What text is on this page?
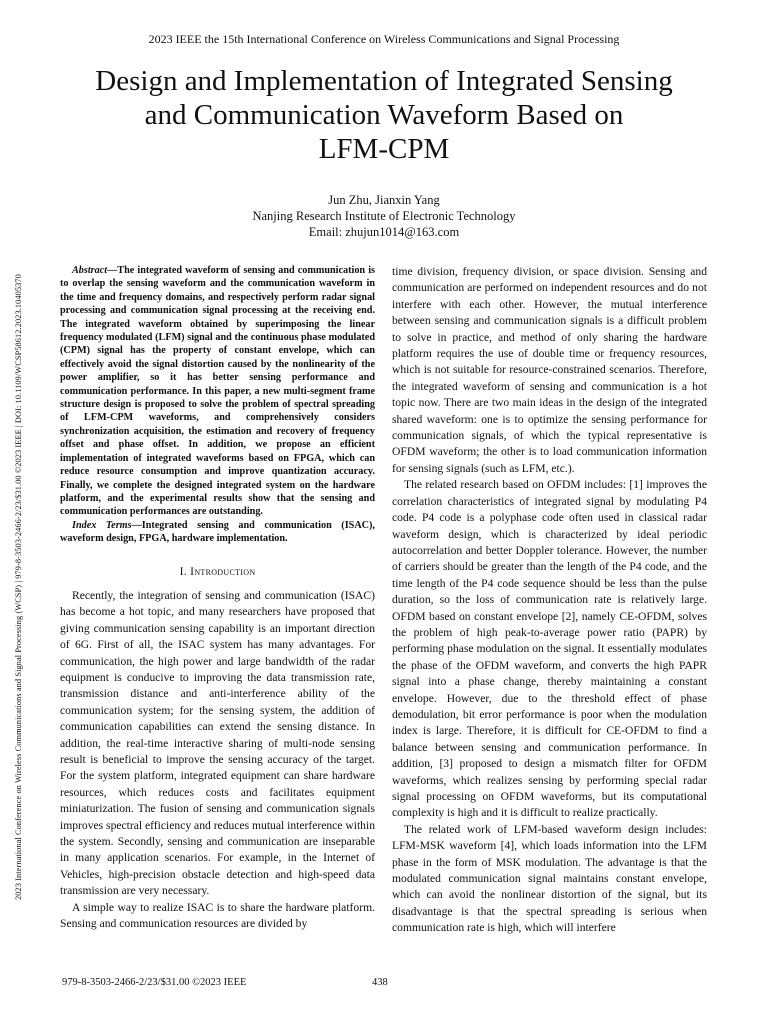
2023 IEEE the 15th International Conference on Wireless Communications and Signal Processing
2023 International Conference on Wireless Communications and Signal Processing (WCSP) | 979-8-3503-2466-2/23/$31.00 ©2023 IEEE | DOI: 10.1109/WCSP58612.2023.10405370
Design and Implementation of Integrated Sensing
and Communication Waveform Based on
LFM-CPM
Jun Zhu, Jianxin Yang
Nanjing Research Institute of Electronic Technology
Email: zhujun1014@163.com

Abstract—The integrated waveform of sensing and communication is to overlap the sensing waveform and the communication waveform in the time and frequency domains, and respectively perform radar signal processing and communication signal processing at the receiving end. The integrated waveform obtained by superimposing the linear frequency modulated (LFM) signal and the continuous phase modulated (CPM) signal has the property of constant envelope, which can effectively avoid the signal distortion caused by the nonlinearity of the power amplifier, so it has better sensing performance and communication performance. In this paper, a new multi-segment frame structure design is proposed to solve the problem of spectral spreading of LFM-CPM waveforms, and comprehensively considers synchronization acquisition, the estimation and recovery of frequency offset and phase offset. In addition, we propose an efficient implementation of integrated waveforms based on FPGA, which can reduce resource consumption and improve quantization accuracy. Finally, we complete the designed integrated system on the hardware platform, and the experimental results show that the sensing and communication performances are outstanding.

Index Terms—Integrated sensing and communication (ISAC), waveform design, FPGA, hardware implementation.

I. Introduction

Recently, the integration of sensing and communication (ISAC) has become a hot topic, and many researchers have proposed that giving communication sensing capability is an important direction of 6G. First of all, the ISAC system has many advantages. For communication, the high power and large bandwidth of the radar equipment is conducive to improving the data transmission rate, transmission distance and anti-interference ability of the communication system; for the sensing system, the addition of communication capabilities can extend the sensing distance. In addition, the real-time interactive sharing of multi-node sensing result is beneficial to improve the sensing accuracy of the target. For the system platform, integrated equipment can share hardware resources, which reduces costs and facilitates equipment miniaturization. The fusion of sensing and communication signals improves spectral efficiency and reduces mutual interference within the system. Secondly, sensing and communication are inseparable in many application scenarios. For example, in the Internet of Vehicles, high-precision obstacle detection and high-speed data transmission are very necessary.

A simple way to realize ISAC is to share the hardware platform. Sensing and communication resources are divided by

time division, frequency division, or space division. Sensing and communication are performed on independent resources and do not interfere with each other. However, the mutual interference between sensing and communication signals is a difficult problem to solve in practice, and method of only sharing the hardware platform requires the use of double time or frequency resources, which is not suitable for resource-constrained scenarios. Therefore, the integrated waveform of sensing and communication is a hot topic now. There are two main ideas in the design of the integrated shared waveform: one is to optimize the sensing performance for communication signals, of which the typical representative is OFDM waveform; the other is to load communication information for sensing signals (such as LFM, etc.).

The related research based on OFDM includes: [1] improves the correlation characteristics of integrated signal by modulating P4 code. P4 code is a polyphase code often used in classical radar waveform design, which is characterized by ideal periodic autocorrelation and better Doppler tolerance. However, the number of carriers should be greater than the length of the P4 code, and the time length of the P4 code sequence should be less than the pulse duration, so the loss of communication rate is relatively large. OFDM based on constant envelope [2], namely CE-OFDM, solves the problem of high peak-to-average power ratio (PAPR) by performing phase modulation on the signal. It essentially modulates the phase of the OFDM waveform, and converts the high PAPR signal into a phase change, thereby maintaining a constant envelope. However, due to the threshold effect of phase demodulation, bit error performance is poor when the modulation index is large. Therefore, it is difficult for CE-OFDM to find a balance between sensing and communication performance. In addition, [3] proposed to design a mismatch filter for OFDM waveforms, which realizes sensing by performing special radar signal processing on OFDM waveforms, but its computational complexity is high and it is difficult to realize practically.

The related work of LFM-based waveform design includes: LFM-MSK waveform [4], which loads information into the LFM phase in the form of MSK modulation. The advantage is that the modulated communication signal maintains constant envelope, which can avoid the nonlinear distortion of the signal, but its disadvantage is that the spectral spreading is serious when communication rate is high, which will interfere

979-8-3503-2466-2/23/$31.00 ©2023 IEEE	438
